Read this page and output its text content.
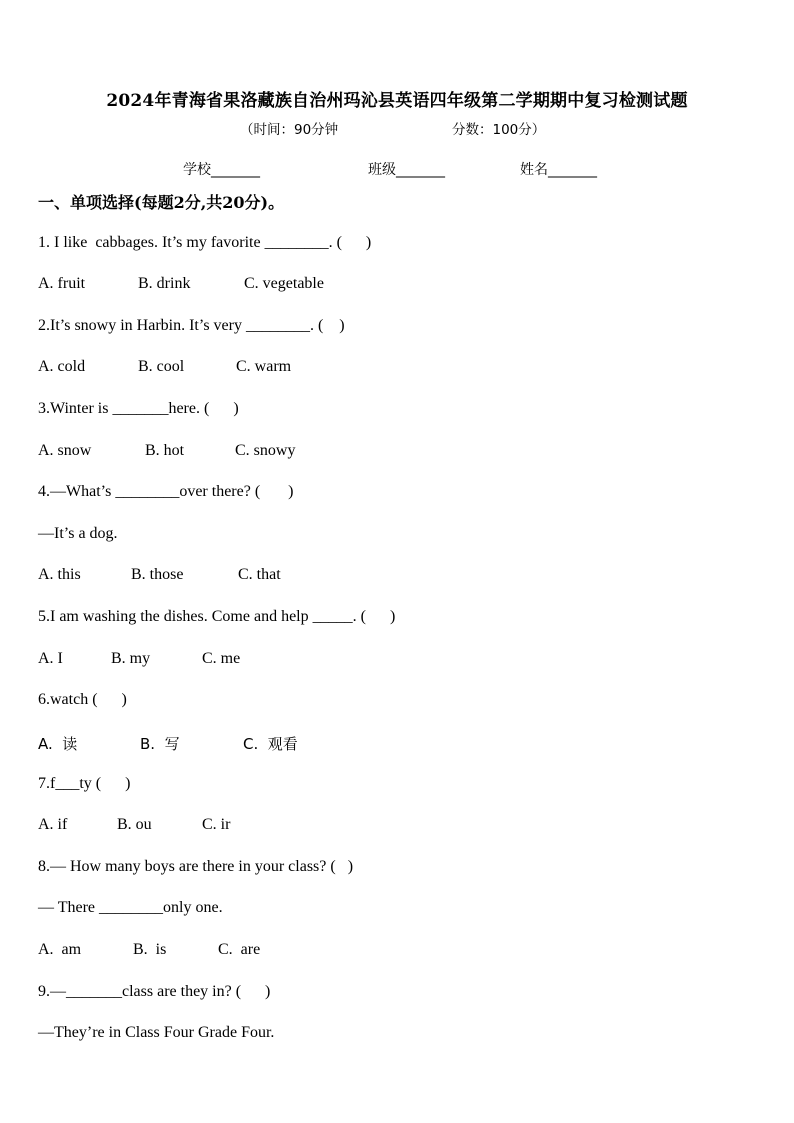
2024年青海省果洛藏族自治州玛沁县英语四年级第二学期期中复习检测试题
（时间：90分钟	分数：100分）
学校_______	班级_______	姓名_______
一、单项选择(每题2分,共20分)。
1. I like  cabbages. It’s my favorite ________. (      )
A. fruit	B. drink	C. vegetable
2.It’s snowy in Harbin. It’s very ________. (    )
A. cold	B. cool	C. warm
3.Winter is _______here. (      )
A. snow	B. hot	C. snowy
4.—What’s ________over there? (       )
—It’s a dog.
A. this	B. those	C. that
5.I am washing the dishes. Come and help _____. (      )
A. I	B. my	C. me
6.watch (      )
A.  读	B.  写	C.  观看
7.f___ty (      )
A. if	B. ou	C. ir
8.— How many boys are there in your class? (   )
— There ________only one.
A.  am	B.  is	C.  are
9.—_______class are they in? (      )
—They’re in Class Four Grade Four.
